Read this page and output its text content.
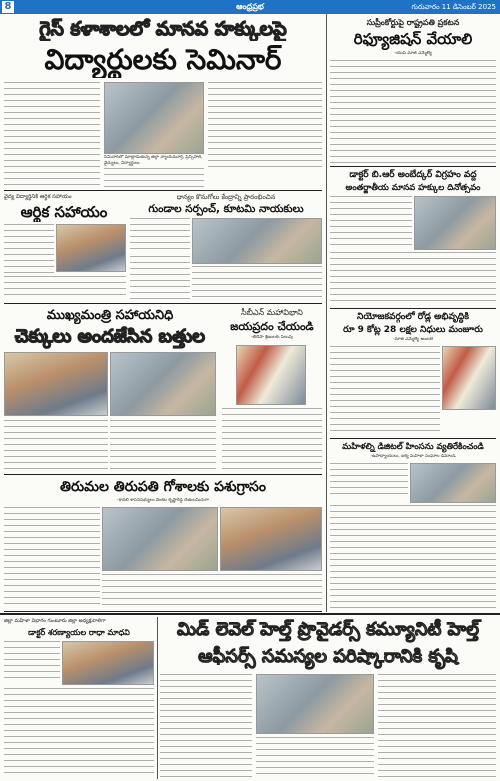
8	ఆంధ్రప్రభ	గురువారం 11 డిసెంబర్ 2025
గైస్ కళాశాలలో మానవ హక్కులపై
విద్యార్థులకు సెమినార్
సెమినార్‌లో మాట్లాడుతున్న జిల్లా న్యాయమూర్తి, ప్రిన్సిపాల్, వైద్యులు, విద్యార్థులు
వైద్య విద్యార్థినికి ఆర్థిక సహాయం
ఆర్థిక సహాయం
ధాన్యం కొనుగోలు కేంద్రాన్ని ప్రారంభించిన
గుండాల సర్పంచ్, కూటమి నాయకులు
ముఖ్యమంత్రి సహాయనిధి
చెక్కులు అందజేసిన బత్తుల
సీబీఎన్ మహావిభాని
జయప్రదం చేయండి
-తెదేపా శ్రేణులకు పిలుపు
తిరుమల తిరుపతి గోశాలకు పశుగ్రాసం
-కావలి శాసనసభ్యులు వెంకట కృష్ణారెడ్డి చేతులమీదుగా
సుప్రీంకోర్టుపై రాష్ట్రపతి ప్రకటన
రిఫ్యూజిషన్ వేయాలి
-యుపి మాజీ ఎమ్మెల్యే
డాక్టర్ బి.ఆర్ అంబేద్కర్ విగ్రహం వద్ద
అంతర్జాతీయ మానవ హక్కుల దినోత్సవం
నియోజకవర్గంలో రోడ్ల అభివృద్ధికి
రూ 9 కోట్ల 28 లక్షల నిధులు మంజూరు
-మాజీ ఎమ్మెల్యే అంబటి
మహిళల్ని డిజిటల్ హింసను వ్యతిరేకించండి
-ఉపాధ్యాయులు, ఐక్య మహిళా సంఘాల డిమాండ్
జిల్లా మహిళా విభాగం గుంటూరు జిల్లా అధ్యక్షురాలిగా
డాక్టర్ శరణ్యాయల రాధా మాధవి	మిడ్ లెవెల్ హెల్త్ ప్రొవైడర్స్ కమ్యూనిటీ హెల్త్
ఆఫీసర్స్ సమస్యల పరిష్కారానికి కృషి
